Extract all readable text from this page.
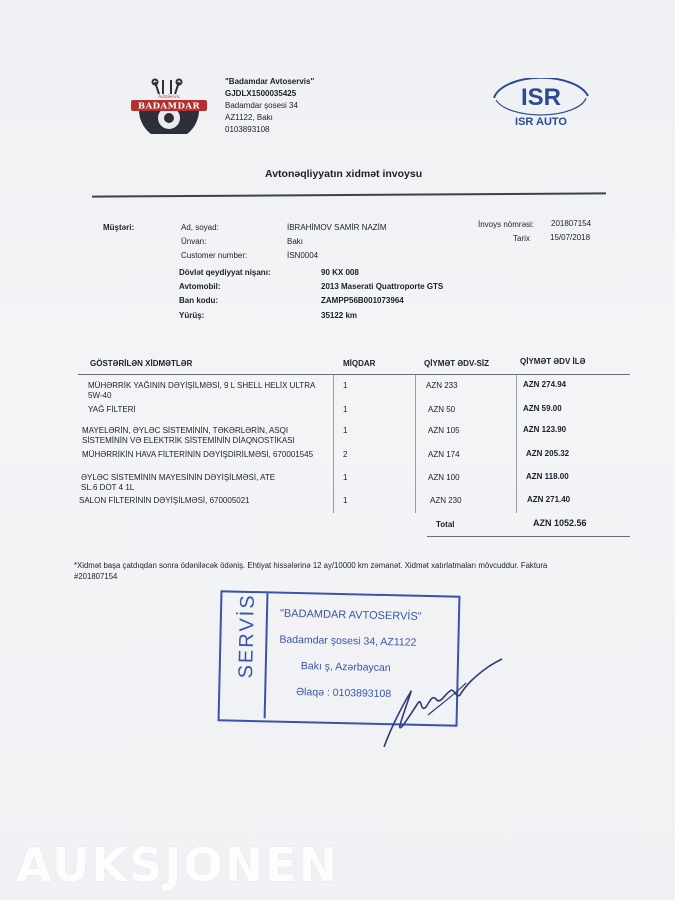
BADAMDAR
AutoServis
"Badamdar Avtoservis"
GJDLX1500035425
Badamdar şosesi 34
AZ1122, Bakı
0103893108
ISR
ISR AUTO
Avtonəqliyyatın xidmət invoysu
Müştəri:	Ad, soyad:	İBRAHİMOV SAMİR NAZİM
Ünvan:	Bakı
Customer number:	İSN0004
İnvoys nömrəsi: 201807154
Tarix	15/07/2018
Dövlət qeydiyyat nişanı:	90 KX 008
Avtomobil:	2013 Maserati Quattroporte GTS
Ban kodu:	ZAMPP56B001073964
Yürüş:	35122 km
GÖSTƏRİLƏN XİDMƏTLƏR	MİQDAR	QİYMƏT ƏDV-SİZ	QİYMƏT ƏDV İLƏ
MÜHƏRRİK YAĞININ DƏYİŞİLMƏSİ, 9 L SHELL HELİX ULTRA
5W-40
1	AZN 233	AZN 274.94
YAĞ FİLTERİ	1	AZN 50	AZN 59.00
MAYELƏRİN, ƏYLƏC SİSTEMİNİN, TƏKƏRLƏRİN, ASQI
SİSTEMİNİN VƏ ELEKTRİK SİSTEMİNİN DİAQNOSTİKASI
1	AZN 105	AZN 123.90
MÜHƏRRİKİN HAVA FİLTERİNİN DƏYİŞDİRİLMƏSİ, 670001545	2	AZN 174	AZN 205.32
ƏYLƏC SİSTEMİNİN MAYESİNİN DƏYİŞİLMƏSİ, ATE
SL.6 DOT 4 1L
1	AZN 100	AZN 118.00
SALON FİLTERİNİN DƏYİŞİLMƏSİ, 670005021	1	AZN 230	AZN 271.40
Total	AZN 1052.56
*Xidmət başa çatdıqdan sonra ödəniləcək ödəniş. Ehtiyat hissələrinə 12 ay/10000 km zəmanət. Xidmət xatırlatmaları mövcuddur. Faktura
#201807154
SERVİS "BADAMDAR AVTOSERVİS"
Badamdar şosesi 34, AZ1122
Bakı ş, Azərbaycan
Əlaqə : 0103893108
AUKSJONEN
